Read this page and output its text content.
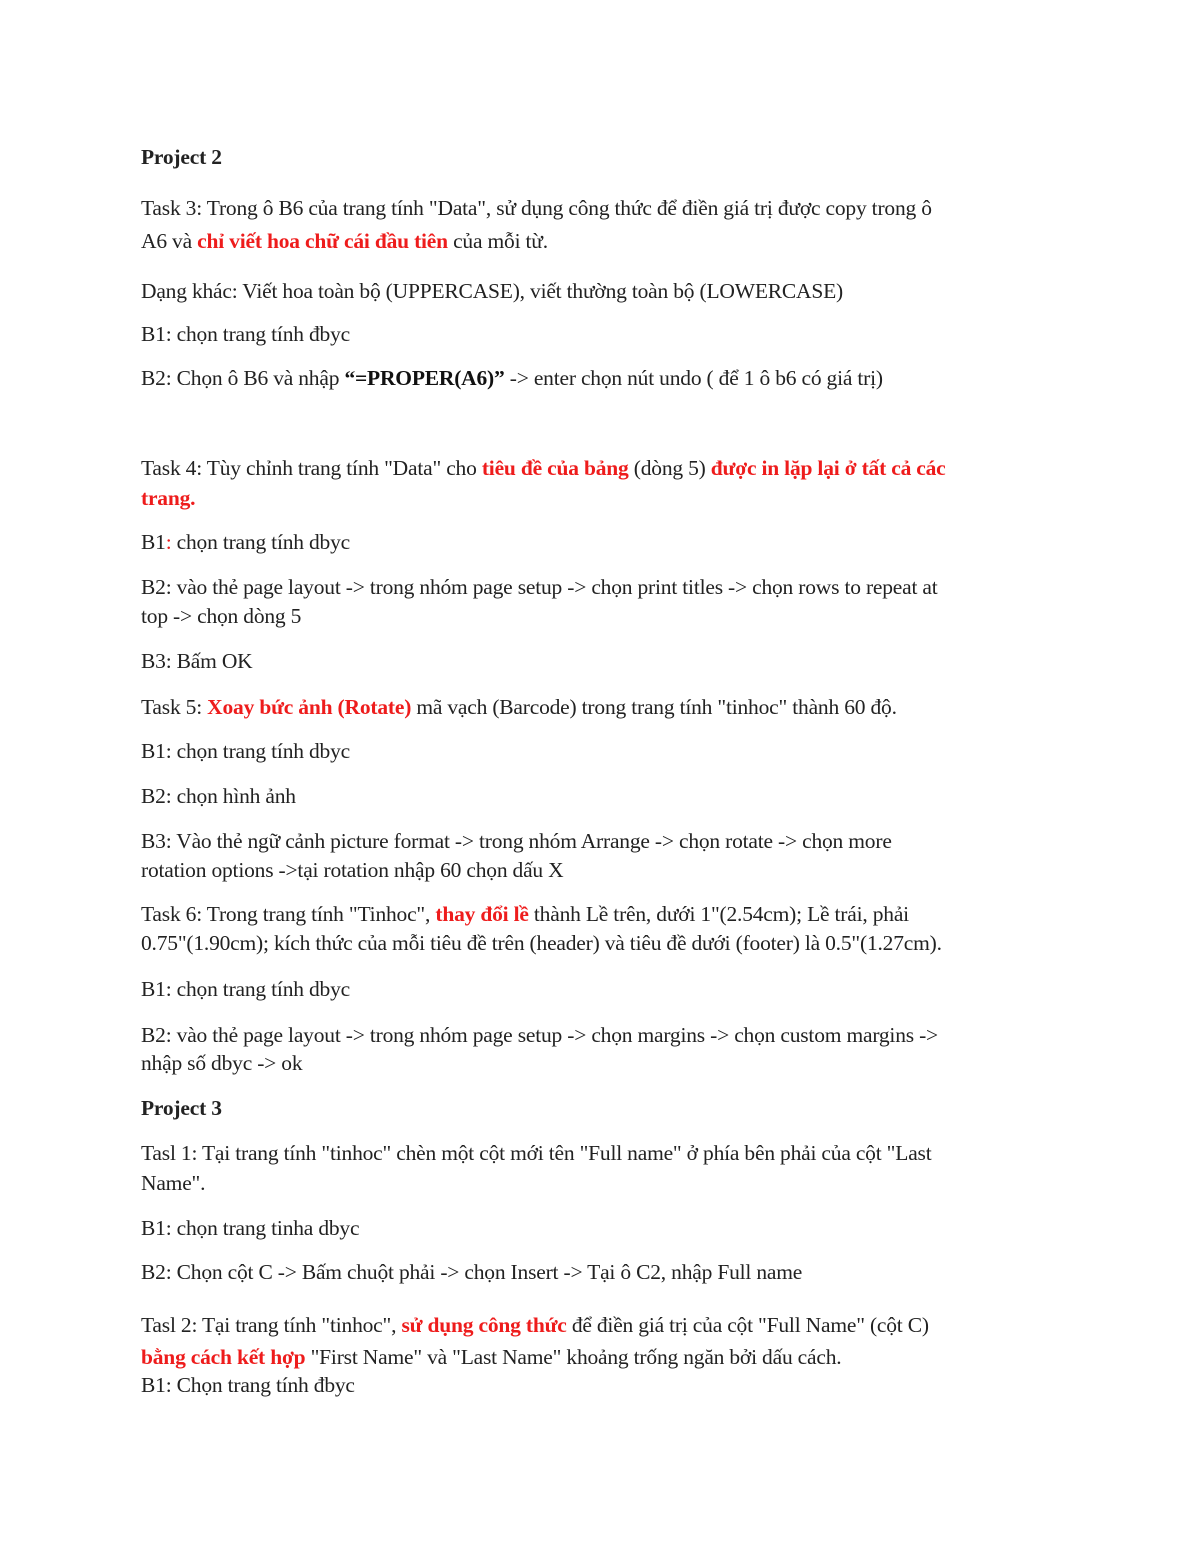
Project 2
Task 3: Trong ô B6 của trang tính "Data", sử dụng công thức để điền giá trị được copy trong ô
A6 và chỉ viết hoa chữ cái đầu tiên của mỗi từ.
Dạng khác: Viết hoa toàn bộ (UPPERCASE), viết thường toàn bộ (LOWERCASE)
B1: chọn trang tính đbyc
B2: Chọn ô B6 và nhập “=PROPER(A6)” -> enter chọn nút undo ( để 1 ô b6 có giá trị)
Task 4: Tùy chỉnh trang tính "Data" cho tiêu đề của bảng (dòng 5) được in lặp lại ở tất cả các
trang.
B1: chọn trang tính dbyc
B2: vào thẻ page layout -> trong nhóm page setup -> chọn print titles -> chọn rows to repeat at
top -> chọn dòng 5
B3: Bấm OK
Task 5: Xoay bức ảnh (Rotate) mã vạch (Barcode) trong trang tính "tinhoc" thành 60 độ.
B1: chọn trang tính dbyc
B2: chọn hình ảnh
B3: Vào thẻ ngữ cảnh picture format -> trong nhóm Arrange -> chọn rotate -> chọn more
rotation options ->tại rotation nhập 60 chọn dấu X
Task 6: Trong trang tính "Tinhoc", thay đổi lề thành Lề trên, dưới 1"(2.54cm); Lề trái, phải
0.75"(1.90cm); kích thức của mỗi tiêu đề trên (header) và tiêu đề dưới (footer) là 0.5"(1.27cm).
B1: chọn trang tính dbyc
B2: vào thẻ page layout -> trong nhóm page setup -> chọn margins -> chọn custom margins ->
nhập số dbyc -> ok
Project 3
Tasl 1: Tại trang tính "tinhoc" chèn một cột mới tên "Full name" ở phía bên phải của cột "Last
Name".
B1: chọn trang tinha dbyc
B2: Chọn cột C -> Bấm chuột phải -> chọn Insert -> Tại ô C2, nhập Full name
Tasl 2: Tại trang tính "tinhoc", sử dụng công thức để điền giá trị của cột "Full Name" (cột C)
bằng cách kết hợp "First Name" và "Last Name" khoảng trống ngăn bởi dấu cách.
B1: Chọn trang tính đbyc
